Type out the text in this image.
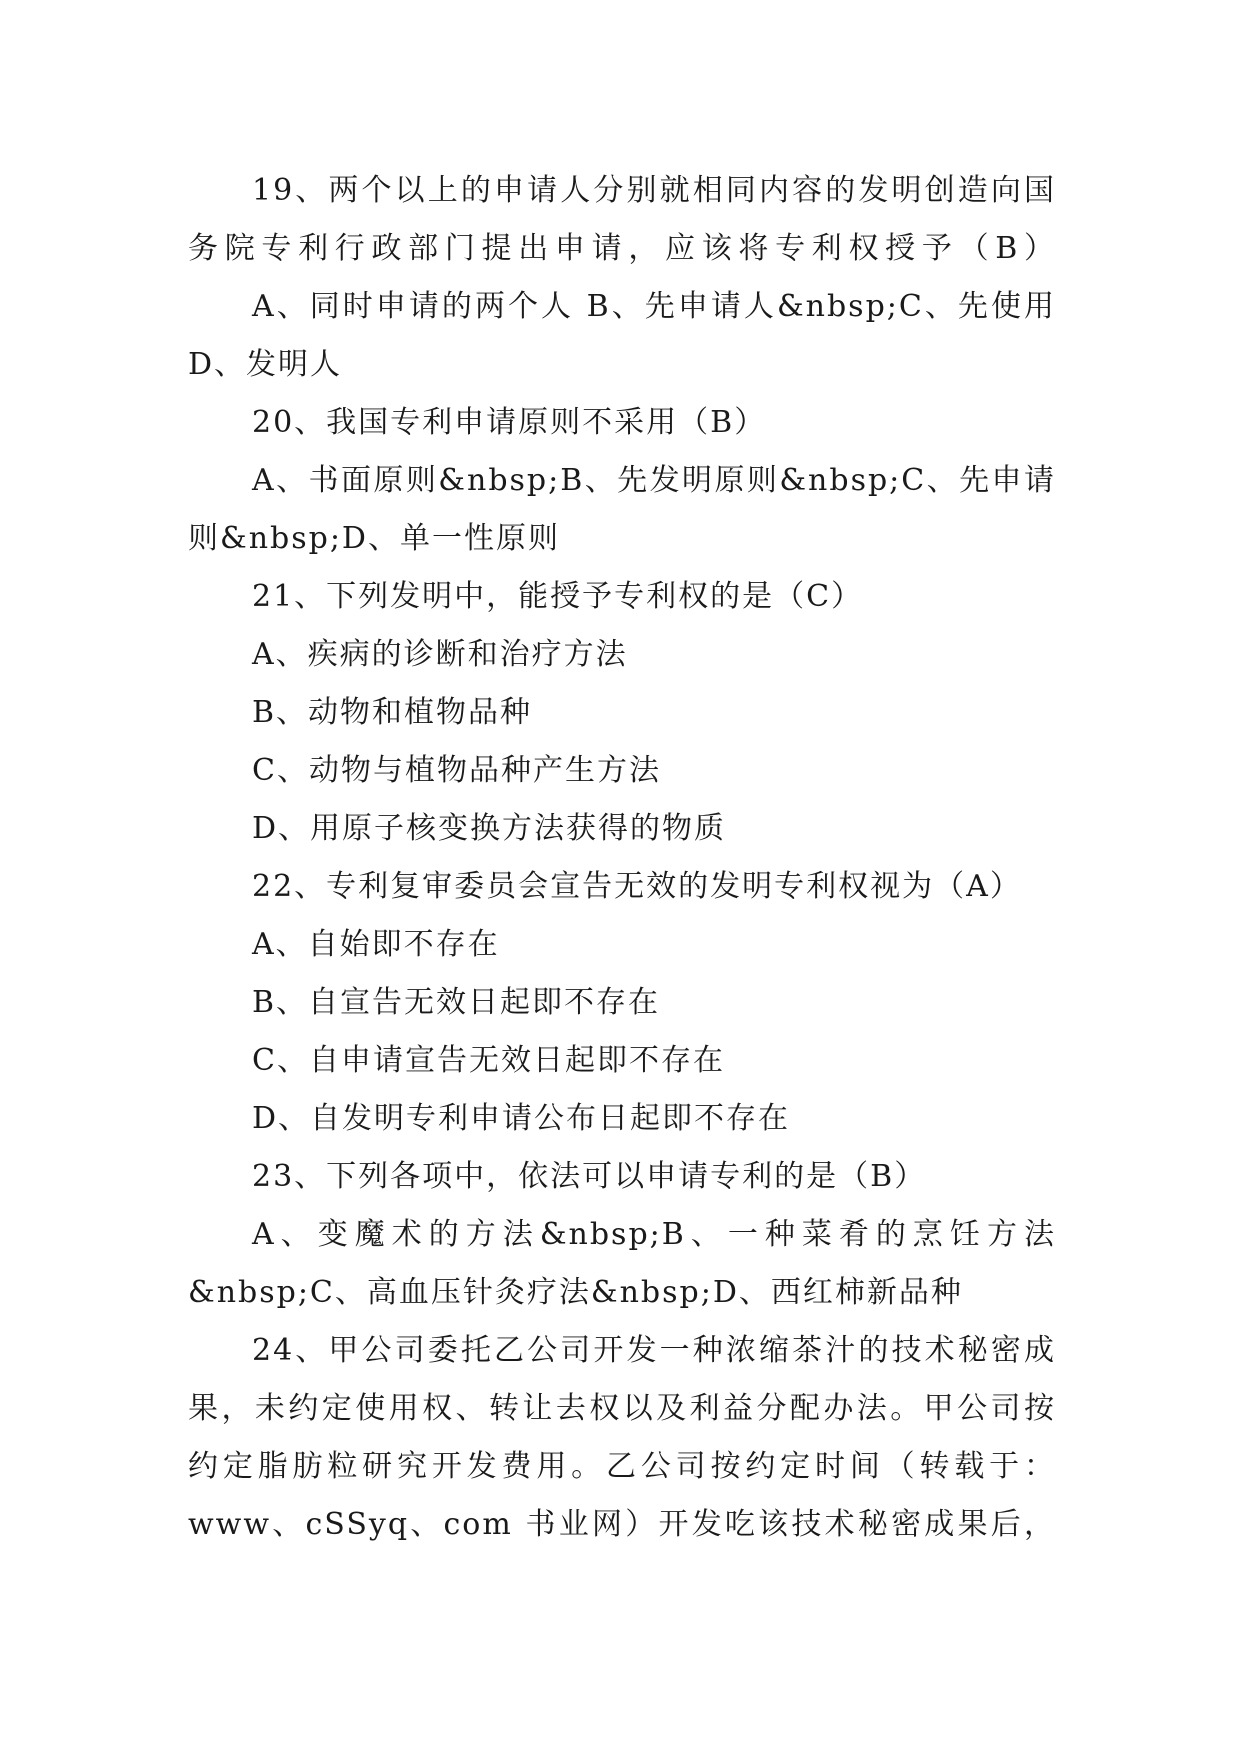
19、两个以上的申请人分别就相同内容的发明创造向国
务院专利行政部门提出申请，应该将专利权授予（B）
A、同时申请的两个人 B、先申请人&nbsp;C、先使用
D、发明人
20、我国专利申请原则不采用（B）
A、书面原则&nbsp;B、先发明原则&nbsp;C、先申请
则&nbsp;D、单一性原则
21、下列发明中，能授予专利权的是（C）
A、疾病的诊断和治疗方法
B、动物和植物品种
C、动物与植物品种产生方法
D、用原子核变换方法获得的物质
22、专利复审委员会宣告无效的发明专利权视为（A）
A、自始即不存在
B、自宣告无效日起即不存在
C、自申请宣告无效日起即不存在
D、自发明专利申请公布日起即不存在
23、下列各项中，依法可以申请专利的是（B）
A、变魔术的方法&nbsp;B、一种菜肴的烹饪方法
&nbsp;C、高血压针灸疗法&nbsp;D、西红柿新品种
24、甲公司委托乙公司开发一种浓缩茶汁的技术秘密成
果，未约定使用权、转让去权以及利益分配办法。甲公司按
约定脂肪粒研究开发费用。乙公司按约定时间（转载于：
www、cSSyq、com 书业网）开发吃该技术秘密成果后，
